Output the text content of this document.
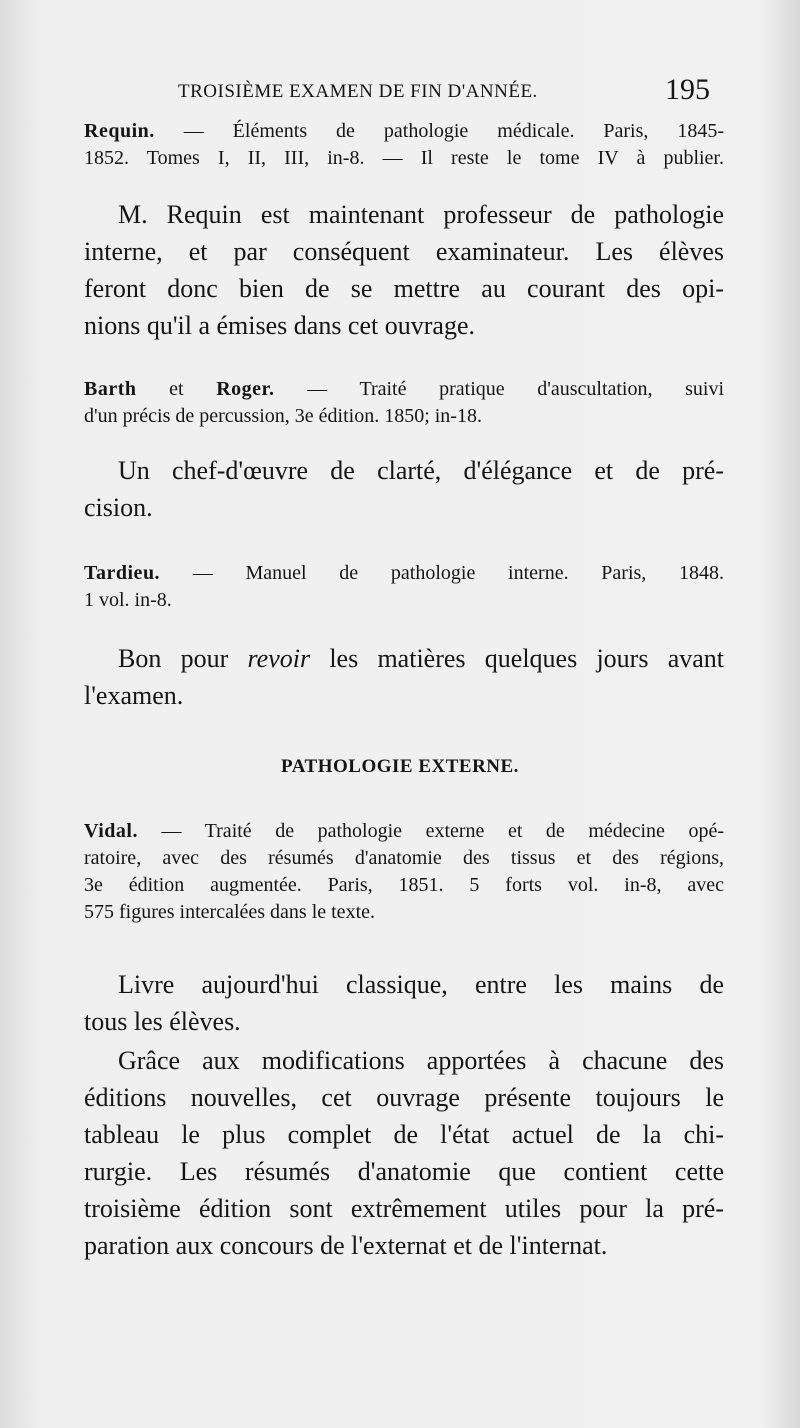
TROISIÈME EXAMEN DE FIN D'ANNÉE.	195
Requin. — Éléments de pathologie médicale. Paris, 1845-
1852. Tomes I, II, III, in-8. — Il reste le tome IV à publier.
M. Requin est maintenant professeur de pathologie
interne, et par conséquent examinateur. Les élèves
feront donc bien de se mettre au courant des opi-
nions qu'il a émises dans cet ouvrage.
Barth et Roger. — Traité pratique d'auscultation, suivi
d'un précis de percussion, 3e édition. 1850; in-18.
Un chef-d'œuvre de clarté, d'élégance et de pré-
cision.
Tardieu. — Manuel de pathologie interne. Paris, 1848.
1 vol. in-8.
Bon pour revoir les matières quelques jours avant
l'examen.
PATHOLOGIE EXTERNE.
Vidal. — Traité de pathologie externe et de médecine opé-
ratoire, avec des résumés d'anatomie des tissus et des régions,
3e édition augmentée. Paris, 1851. 5 forts vol. in-8, avec
575 figures intercalées dans le texte.
Livre aujourd'hui classique, entre les mains de
tous les élèves.
Grâce aux modifications apportées à chacune des
éditions nouvelles, cet ouvrage présente toujours le
tableau le plus complet de l'état actuel de la chi-
rurgie. Les résumés d'anatomie que contient cette
troisième édition sont extrêmement utiles pour la pré-
paration aux concours de l'externat et de l'internat.
